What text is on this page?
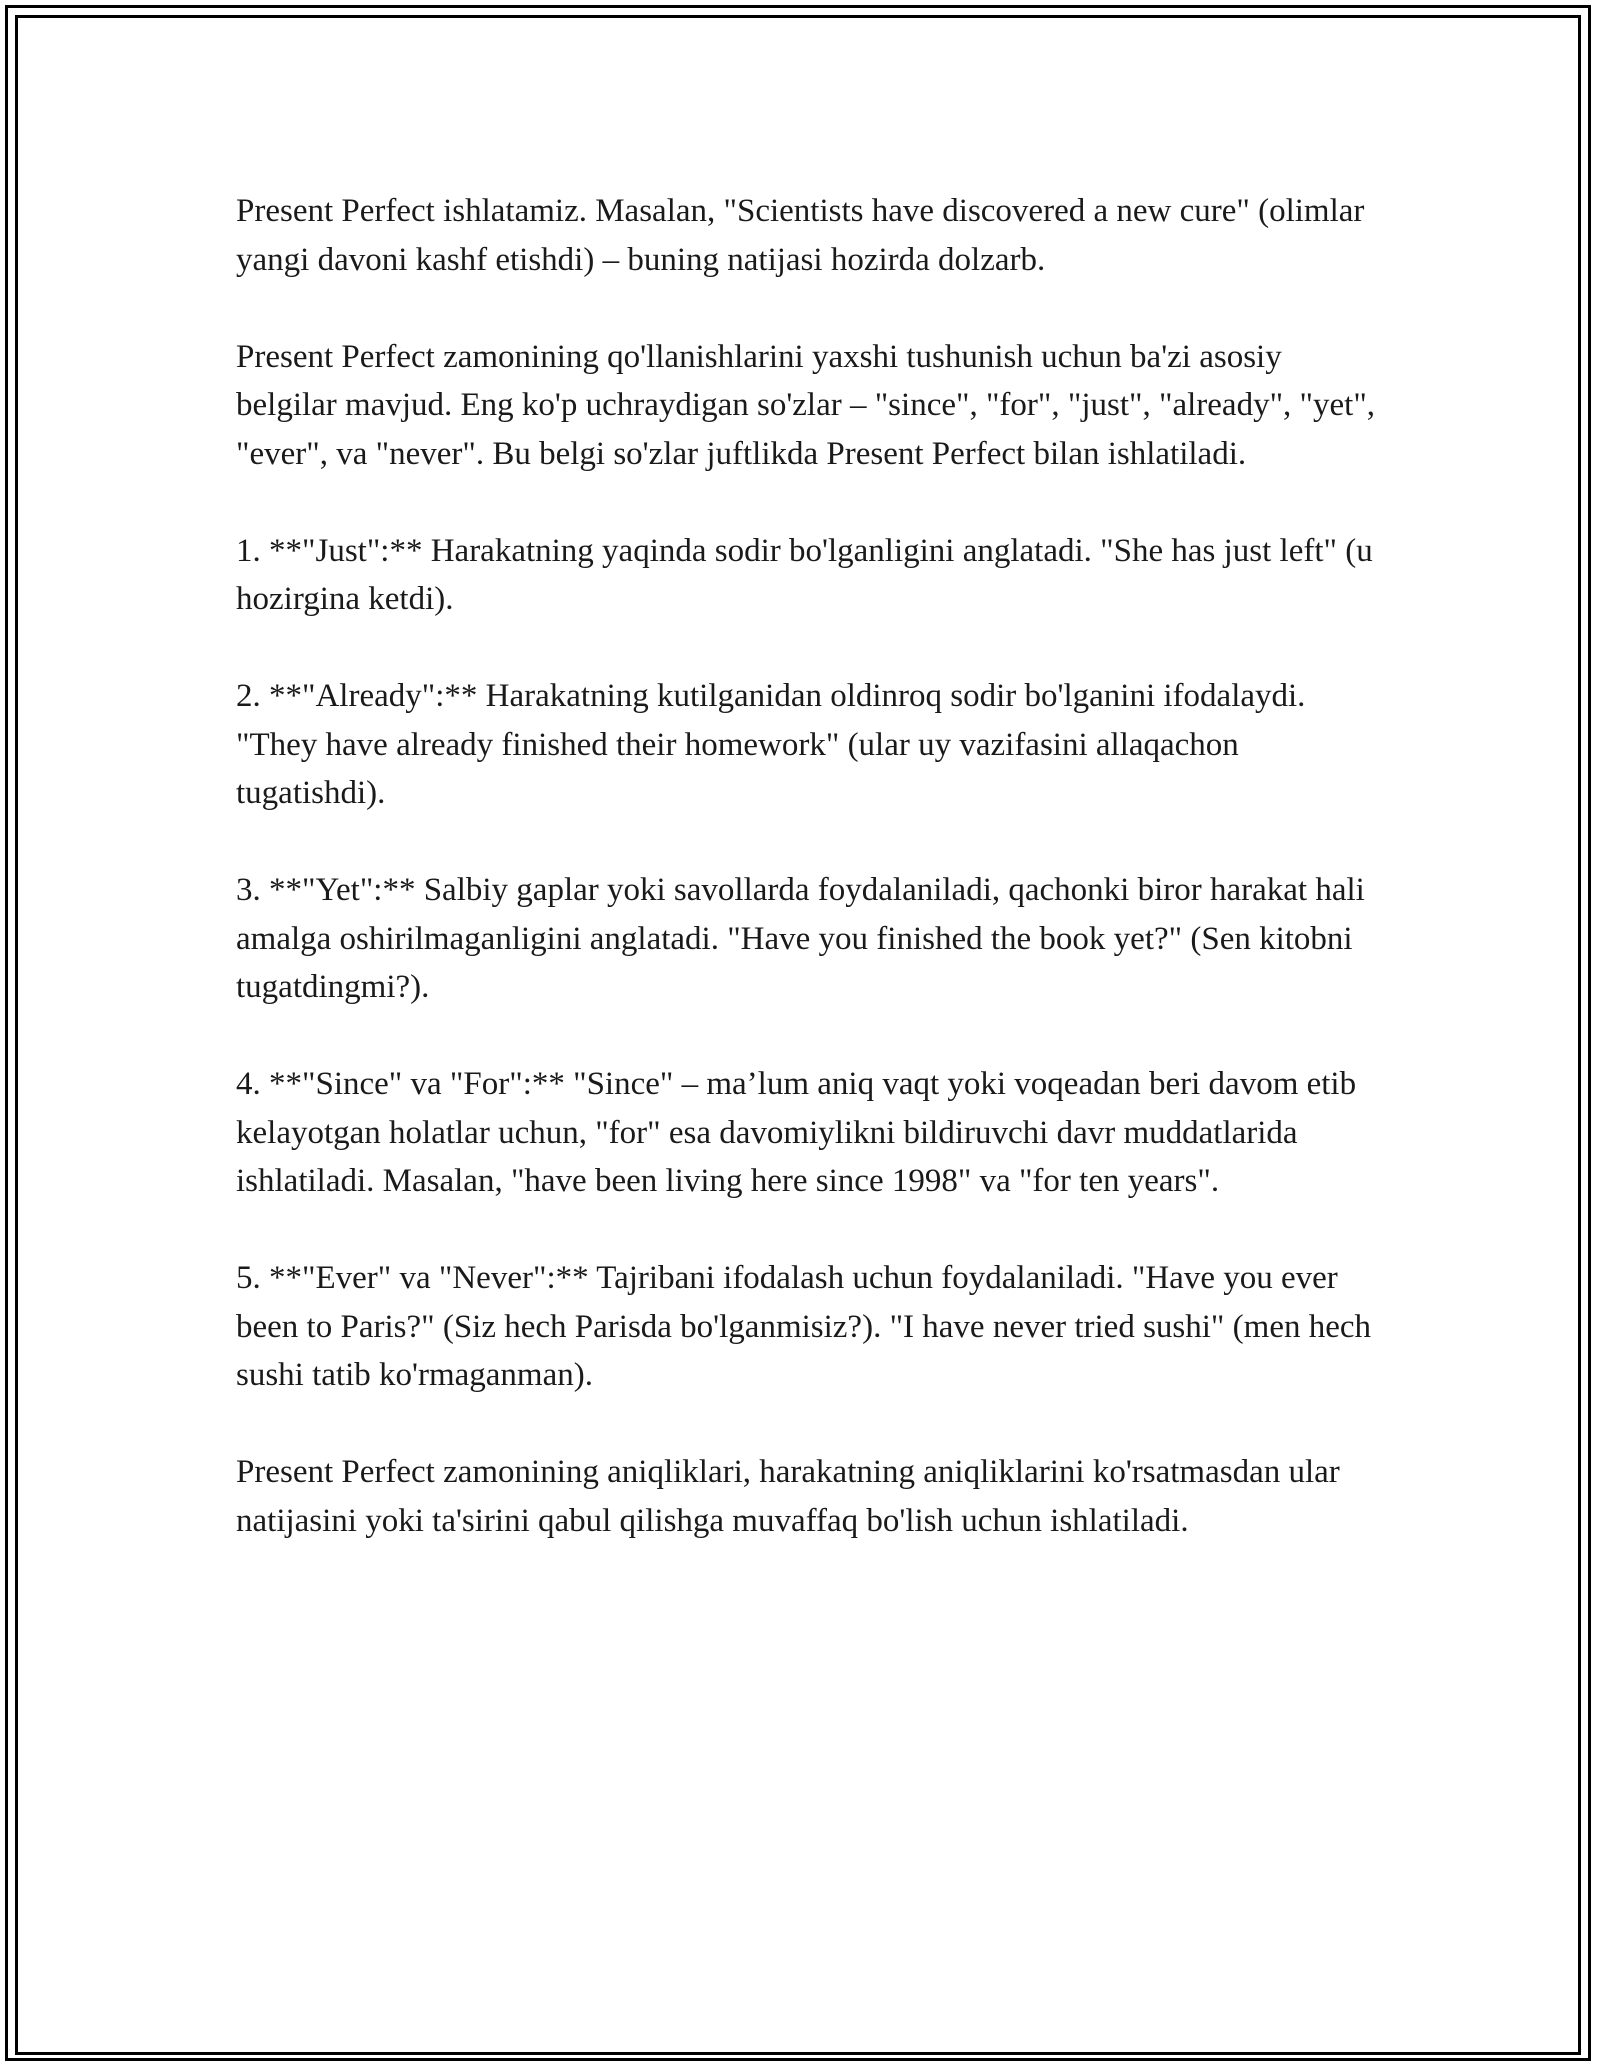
Present Perfect ishlatamiz. Masalan, "Scientists have discovered a new cure" (olimlar yangi davoni kashf etishdi) – buning natijasi hozirda dolzarb.

Present Perfect zamonining qo'llanishlarini yaxshi tushunish uchun ba'zi asosiy belgilar mavjud. Eng ko'p uchraydigan so'zlar – "since", "for", "just", "already", "yet", "ever", va "never". Bu belgi so'zlar juftlikda Present Perfect bilan ishlatiladi.

1. **"Just":** Harakatning yaqinda sodir bo'lganligini anglatadi. "She has just left" (u hozirgina ketdi).

2. **"Already":** Harakatning kutilganidan oldinroq sodir bo'lganini ifodalaydi. "They have already finished their homework" (ular uy vazifasini allaqachon tugatishdi).

3. **"Yet":** Salbiy gaplar yoki savollarda foydalaniladi, qachonki biror harakat hali amalga oshirilmaganligini anglatadi. "Have you finished the book yet?" (Sen kitobni tugatdingmi?).

4. **"Since" va "For":** "Since" – ma’lum aniq vaqt yoki voqeadan beri davom etib kelayotgan holatlar uchun, "for" esa davomiylikni bildiruvchi davr muddatlarida ishlatiladi. Masalan, "have been living here since 1998" va "for ten years".

5. **"Ever" va "Never":** Tajribani ifodalash uchun foydalaniladi. "Have you ever been to Paris?" (Siz hech Parisda bo'lganmisiz?). "I have never tried sushi" (men hech sushi tatib ko'rmaganman).

Present Perfect zamonining aniqliklari, harakatning aniqliklarini ko'rsatmasdan ular natijasini yoki ta'sirini qabul qilishga muvaffaq bo'lish uchun ishlatiladi.
